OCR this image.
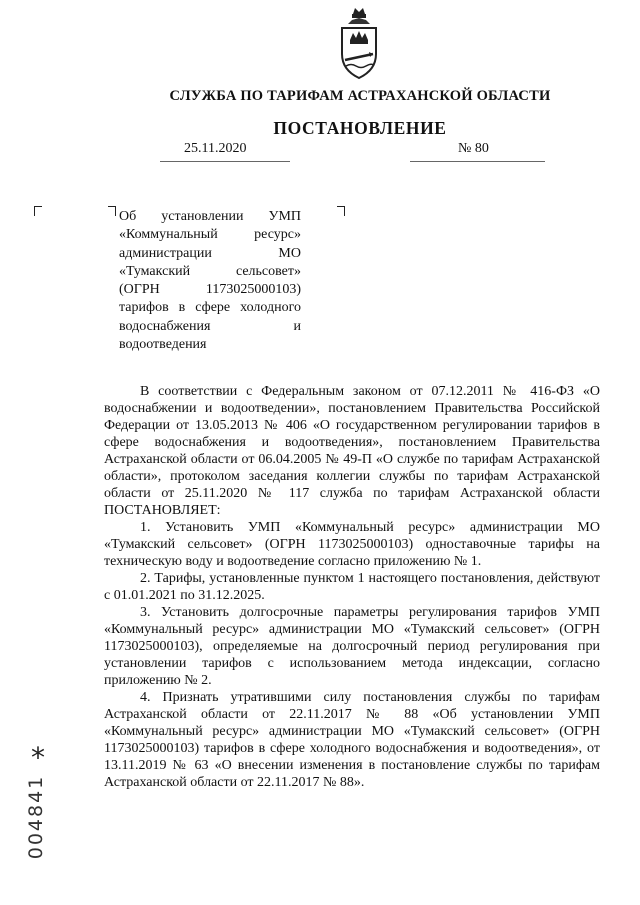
СЛУЖБА ПО ТАРИФАМ АСТРАХАНСКОЙ ОБЛАСТИ
ПОСТАНОВЛЕНИЕ
25.11.2020	№ 80
Об установлении УМП «Коммунальный ресурс» администрации МО «Тумакский сельсовет» (ОГРН 1173025000103) тарифов в сфере холодного водоснабжения и водоотведения

В соответствии с Федеральным законом от 07.12.2011 № 416-ФЗ «О водоснабжении и водоотведении», постановлением Правительства Российской Федерации от 13.05.2013 № 406 «О государственном регулировании тарифов в сфере водоснабжения и водоотведения», постановлением Правительства Астраханской области от 06.04.2005 № 49-П «О службе по тарифам Астраханской области», протоколом заседания коллегии службы по тарифам Астраханской области от 25.11.2020 № 117 служба по тарифам Астраханской области ПОСТАНОВЛЯЕТ:

1. Установить УМП «Коммунальный ресурс» администрации МО «Тумакский сельсовет» (ОГРН 1173025000103) одноставочные тарифы на техническую воду и водоотведение согласно приложению № 1.

2. Тарифы, установленные пунктом 1 настоящего постановления, действуют с 01.01.2021 по 31.12.2025.

3. Установить долгосрочные параметры регулирования тарифов УМП «Коммунальный ресурс» администрации МО «Тумакский сельсовет» (ОГРН 1173025000103), определяемые на долгосрочный период регулирования при установлении тарифов с использованием метода индексации, согласно приложению № 2.

4. Признать утратившими силу постановления службы по тарифам Астраханской области от 22.11.2017 № 88 «Об установлении УМП «Коммунальный ресурс» администрации МО «Тумакский сельсовет» (ОГРН 1173025000103) тарифов в сфере холодного водоснабжения и водоотведения», от 13.11.2019 № 63 «О внесении изменения в постановление службы по тарифам Астраханской области от 22.11.2017 № 88».

*
004841
